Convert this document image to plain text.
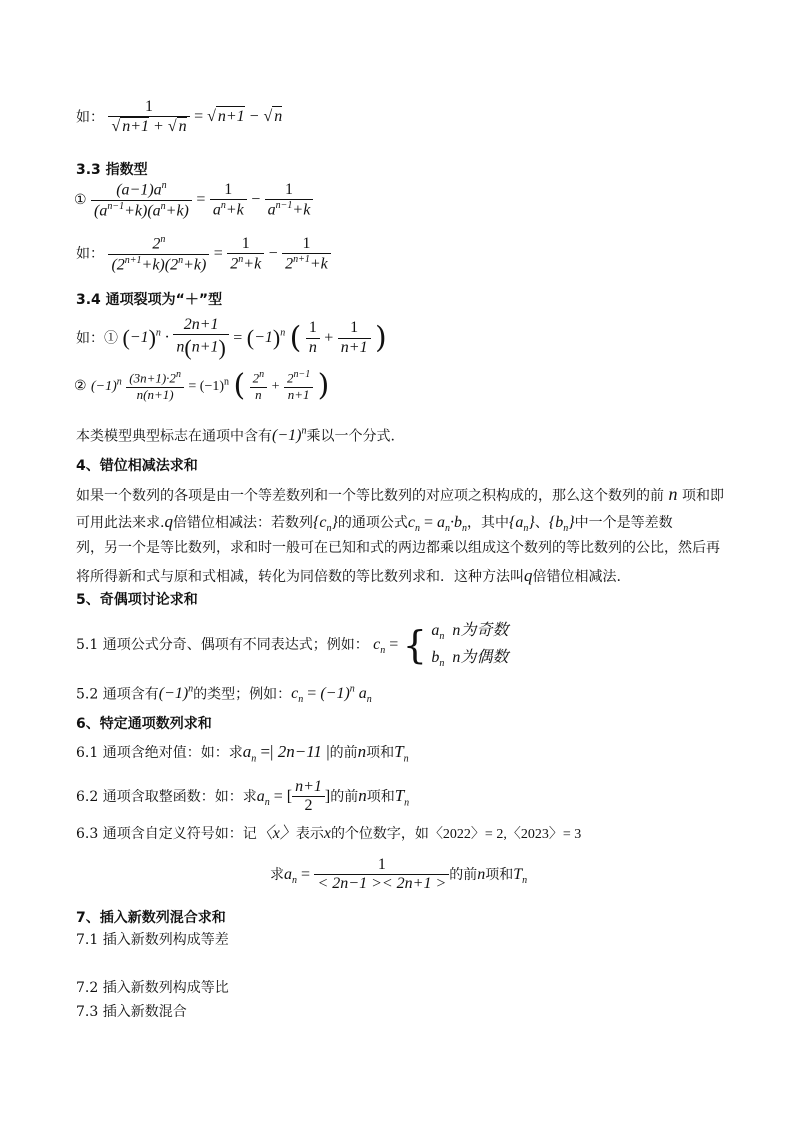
如： $\frac{1}{√ n+1 + √ n}$ = √ n+1 − √ n
3.3 指数型
① $\frac{(a-1)a^n}{(a^{n-1}+k)(a^n+k)} = \frac{1}{a^n+k} - \frac{1}{a^{n-1}+k}$
如： $\frac{2^n}{(2^{n+1}+k)(2^n+k)} = \frac{1}{2^n+k} - \frac{1}{2^{n+1}+k}$
3.4 通项裂项为“＋”型
如：① $(-1)^n \cdot \frac{2n+1}{n(n+1)} = (-1)^n$ ( $\frac{1}{n} + \frac{1}{n+1}$ )
② $(-1)^n \frac{(3n+1)\cdot 2^n}{n(n+1)} = (-1)^n$ ( $\frac{2^n}{n} + \frac{2^{n-1}}{n+1}$ )
本类模型典型标志在通项中含有$(-1)^n$乘以一个分式.
4、错位相减法求和
如果一个数列的各项是由一个等差数列和一个等比数列的对应项之积构成的，那么这个数列的前 n 项和即
可用此法来求.q倍错位相减法：若数列$\{c_n\}$的通项公式$c_n = a_n\cdot b_n$，其中$\{a_n\}$、$\{b_n\}$中一个是等差数
列，另一个是等比数列，求和时一般可在已知和式的两边都乘以组成这个数列的等比数列的公比，然后再
将所得新和式与原和式相减，转化为同倍数的等比数列求和．这种方法叫q倍错位相减法.
5、奇偶项讨论求和
5.1 通项公式分奇、偶项有不同表达式；例如： $c_n$ = { $a_n$ n为奇数
$b_n$ n为偶数
5.2 通项含有$(-1)^n$的类型；例如：$c_n = (-1)^n$ $a_n$
6、特定通项数列求和
6.1 通项含绝对值：如：求$a_n$ =| 2n−11 |的前n项和$T_n$
6.2 通项含取整函数：如：求$a_n$ = [ $\frac{n+1}{2}$ ]的前n项和$T_n$
6.3 通项含自定义符号如：记〈x〉表示x的个位数字，如〈2022〉= 2,〈2023〉= 3
求$a_n = \frac{1}{< 2n-1 >< 2n+1 >}$ 的前n项和$T_n$
7、插入新数列混合求和
7.1 插入新数列构成等差
7.2 插入新数列构成等比
7.3 插入新数混合
